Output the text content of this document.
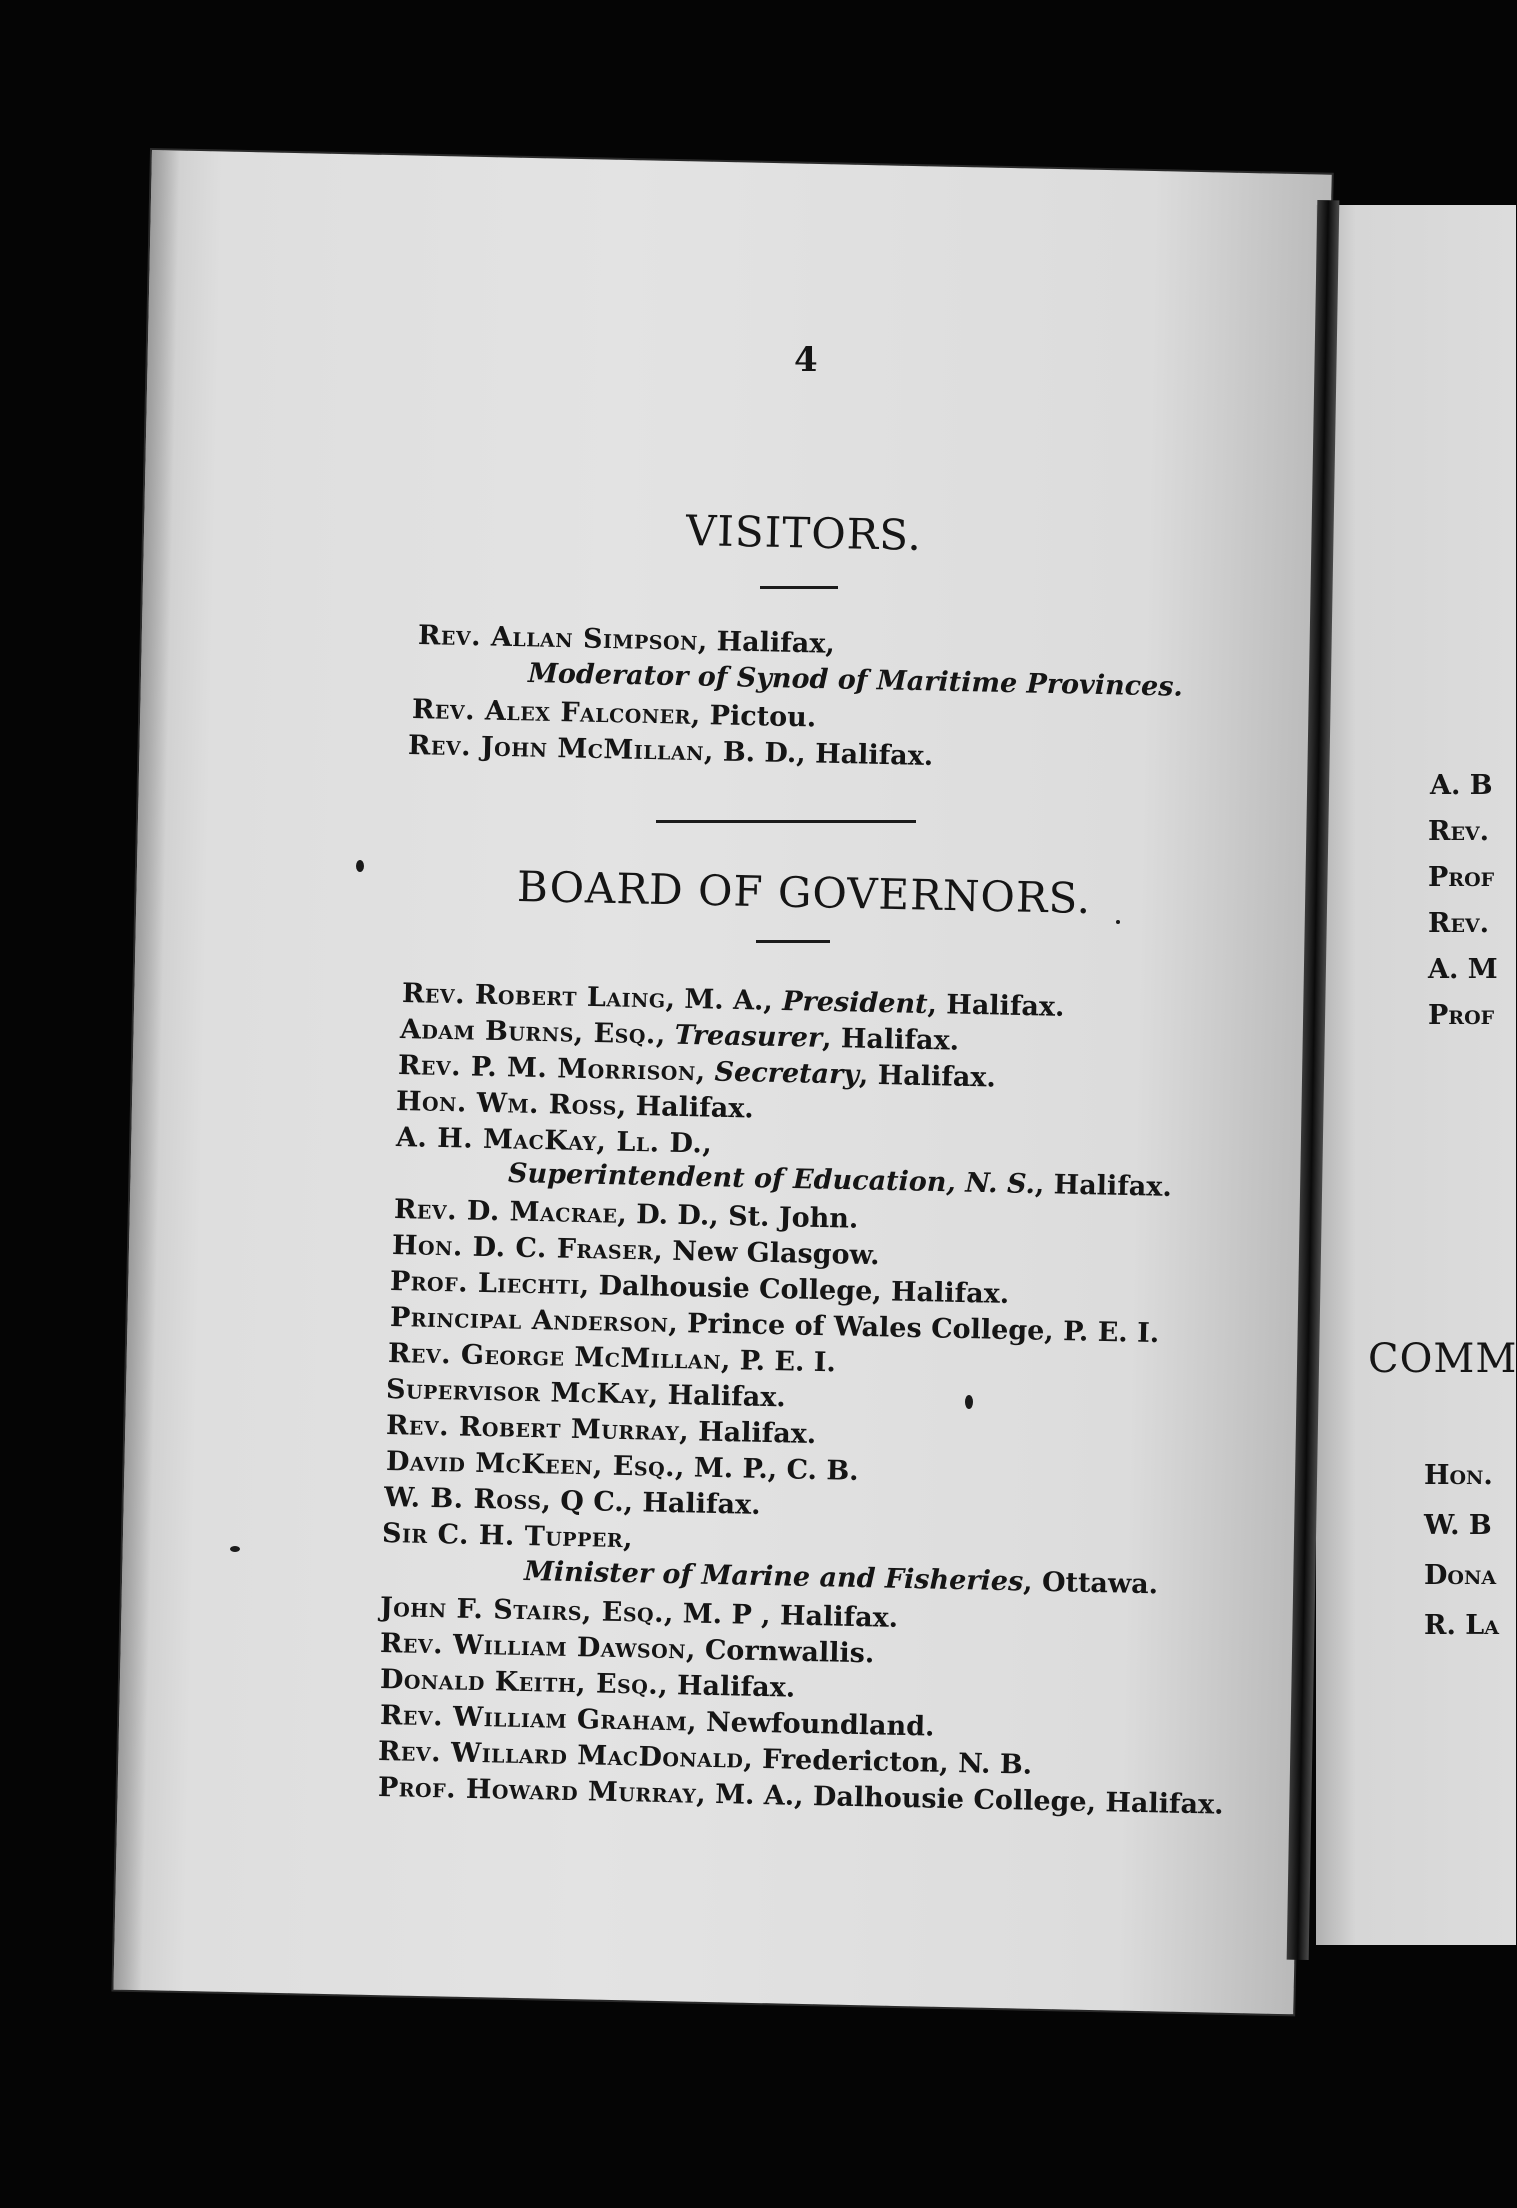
4
VISITORS.
Rev. Allan Simpson, Halifax,
Moderator of Synod of Maritime Provinces.
Rev. Alex Falconer, Pictou.
Rev. John McMillan, B. D., Halifax.
BOARD OF GOVERNORS.
Rev. Robert Laing, M. A., President, Halifax.
Adam Burns, Esq., Treasurer, Halifax.
Rev. P. M. Morrison, Secretary, Halifax.
Hon. Wm. Ross, Halifax.
A. H. MacKay, Ll. D.,
Superintendent of Education, N. S., Halifax.
Rev. D. Macrae, D. D., St. John.
Hon. D. C. Fraser, New Glasgow.
Prof. Liechti, Dalhousie College, Halifax.
Principal Anderson, Prince of Wales College, P. E. I.
Rev. George McMillan, P. E. I.
Supervisor McKay, Halifax.
Rev. Robert Murray, Halifax.
David McKeen, Esq., M. P., C. B.
W. B. Ross, Q C., Halifax.
Sir C. H. Tupper,
Minister of Marine and Fisheries, Ottawa.
John F. Stairs, Esq., M. P , Halifax.
Rev. William Dawson, Cornwallis.
Donald Keith, Esq., Halifax.
Rev. William Graham, Newfoundland.
Rev. Willard MacDonald, Fredericton, N. B.
Prof. Howard Murray, M. A., Dalhousie College, Halifax.
A. B
Rev.
Prof
Rev.
A. M
Prof
COMM
Hon.
W. B
Dona
R. La
